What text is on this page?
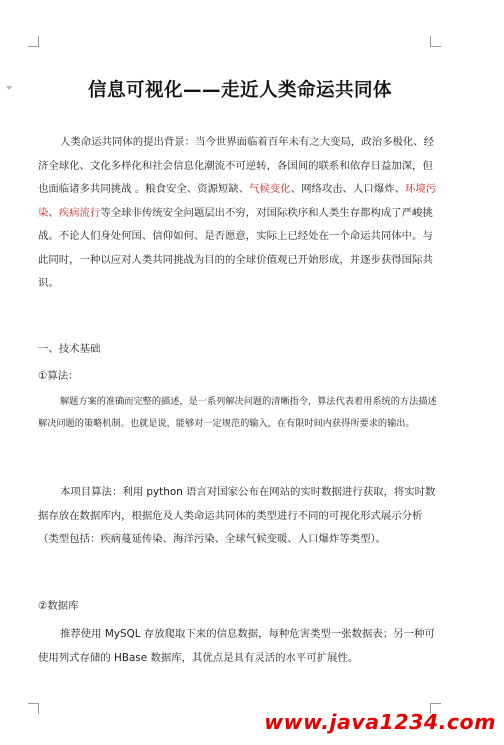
信息可视化——走近人类命运共同体

人类命运共同体的提出背景：当今世界面临着百年未有之大变局，政治多极化、经济全球化、文化多样化和社会信息化潮流不可逆转，各国间的联系和依存日益加深，但也面临诸多共同挑战 。粮食安全、资源短缺、气候变化、网络攻击、人口爆炸、环境污染、疾病流行等全球非传统安全问题层出不穷，对国际秩序和人类生存都构成了严峻挑战。不论人们身处何国、信仰如何、是否愿意，实际上已经处在一个命运共同体中。与此同时，一种以应对人类共同挑战为目的的全球价值观已开始形成，并逐步获得国际共识。

一、技术基础
①算法：

解题方案的准确而完整的描述，是一系列解决问题的清晰指令，算法代表着用系统的方法描述解决问题的策略机制。也就是说，能够对一定规范的输入，在有限时间内获得所要求的输出。

本项目算法：利用 python 语言对国家公布在网站的实时数据进行获取，将实时数据存放在数据库内，根据危及人类命运共同体的类型进行不同的可视化形式展示分析（类型包括：疾病蔓延传染、海洋污染、全球气候变暖、人口爆炸等类型）。

②数据库

推荐使用 MySQL 存放爬取下来的信息数据，每种危害类型一张数据表；另一种可使用列式存储的 HBase 数据库，其优点是具有灵活的水平可扩展性。

www.java1234.com
